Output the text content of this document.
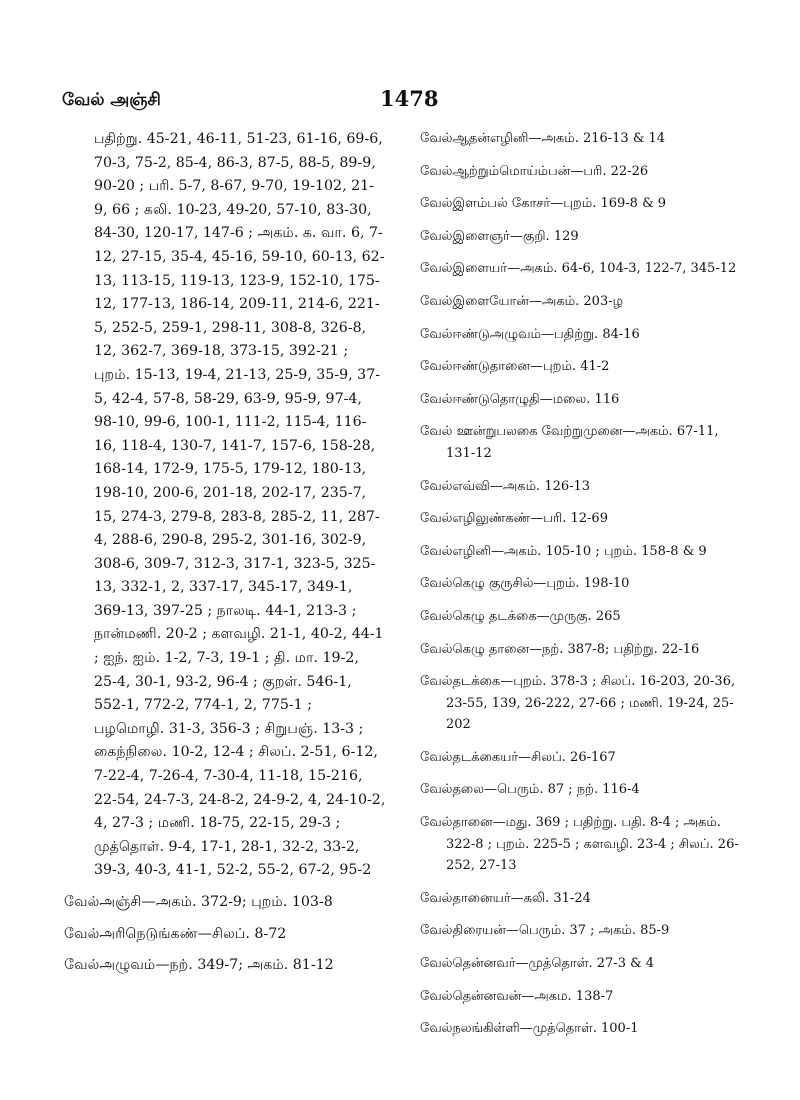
வேல் அஞ்சி	1478

பதிற்று. 45-21, 46-11, 51-23, 61-16, 69-6, 70-3, 75-2, 85-4, 86-3, 87-5, 88-5, 89-9, 90-20 ; பரி. 5-7, 8-67, 9-70, 19-102, 21-9, 66 ; கலி. 10-23, 49-20, 57-10, 83-30, 84-30, 120-17, 147-6 ; அகம். க. வா. 6, 7-12, 27-15, 35-4, 45-16, 59-10, 60-13, 62-13, 113-15, 119-13, 123-9, 152-10, 175-12, 177-13, 186-14, 209-11, 214-6, 221-5, 252-5, 259-1, 298-11, 308-8, 326-8, 12, 362-7, 369-18, 373-15, 392-21 ; புறம். 15-13, 19-4, 21-13, 25-9, 35-9, 37-5, 42-4, 57-8, 58-29, 63-9, 95-9, 97-4, 98-10, 99-6, 100-1, 111-2, 115-4, 116-16, 118-4, 130-7, 141-7, 157-6, 158-28, 168-14, 172-9, 175-5, 179-12, 180-13, 198-10, 200-6, 201-18, 202-17, 235-7, 15, 274-3, 279-8, 283-8, 285-2, 11, 287-4, 288-6, 290-8, 295-2, 301-16, 302-9, 308-6, 309-7, 312-3, 317-1, 323-5, 325-13, 332-1, 2, 337-17, 345-17, 349-1, 369-13, 397-25 ; நாலடி. 44-1, 213-3 ; நான்மணி. 20-2 ; களவழி. 21-1, 40-2, 44-1 ; ஐந். ஐம். 1-2, 7-3, 19-1 ; தி. மா. 19-2, 25-4, 30-1, 93-2, 96-4 ; குறள். 546-1, 552-1, 772-2, 774-1, 2, 775-1 ; பழமொழி. 31-3, 356-3 ; சிறுபஞ். 13-3 ; கைந்நிலை. 10-2, 12-4 ; சிலப். 2-51, 6-12, 7-22-4, 7-26-4, 7-30-4, 11-18, 15-216, 22-54, 24-7-3, 24-8-2, 24-9-2, 4, 24-10-2, 4, 27-3 ; மணி. 18-75, 22-15, 29-3 ; முத்தொள். 9-4, 17-1, 28-1, 32-2, 33-2, 39-3, 40-3, 41-1, 52-2, 55-2, 67-2, 95-2

வேல்அஞ்சி—அகம். 372-9; புறம். 103-8

வேல்அரிநெடுங்கண்—சிலப். 8-72

வேல்அழுவம்—நற். 349-7; அகம். 81-12

வேல்ஆதன்எழினி—அகம். 216-13 & 14

வேல்ஆற்றும்மொய்ம்பன்—பரி. 22-26

வேல்இளம்பல் கோசர்—புறம். 169-8 & 9

வேல்இளைஞர்—குறி. 129

வேல்இளையர்—அகம். 64-6, 104-3, 122-7, 345-12

வேல்இளையோன்—அகம். 203-ழ

வேல்ஈண்டுஅழுவம்—பதிற்று. 84-16

வேல்ஈண்டுதானை—புறம். 41-2

வேல்ஈண்டுதொழுதி—மலை. 116

வேல் ஊன்றுபலகை வேற்றுமுனை—அகம். 67-11, 131-12

வேல்எவ்வி—அகம். 126-13

வேல்எழிலுண்கண்—பரி. 12-69

வேல்எழினி—அகம். 105-10 ; புறம். 158-8 & 9

வேல்கெழு குருசில்—புறம். 198-10

வேல்கெழு தடக்கை—முருகு. 265

வேல்கெழு தானை—நற். 387-8; பதிற்று. 22-16

வேல்தடக்கை—புறம். 378-3 ; சிலப். 16-203, 20-36, 23-55, 139, 26-222, 27-66 ; மணி. 19-24, 25-202

வேல்தடக்கையர்—சிலப். 26-167

வேல்தலை—பெரும். 87 ; நற். 116-4

வேல்தானை—மது. 369 ; பதிற்று. பதி. 8-4 ; அகம். 322-8 ; புறம். 225-5 ; களவழி. 23-4 ; சிலப். 26-252, 27-13

வேல்தானையர்—கலி. 31-24

வேல்திரையன்—பெரும். 37 ; அகம். 85-9

வேல்தென்னவர்—முத்தொள். 27-3 & 4

வேல்தென்னவன்—அகம. 138-7

வேல்நலங்கிள்ளி—முத்தொள். 100-1
